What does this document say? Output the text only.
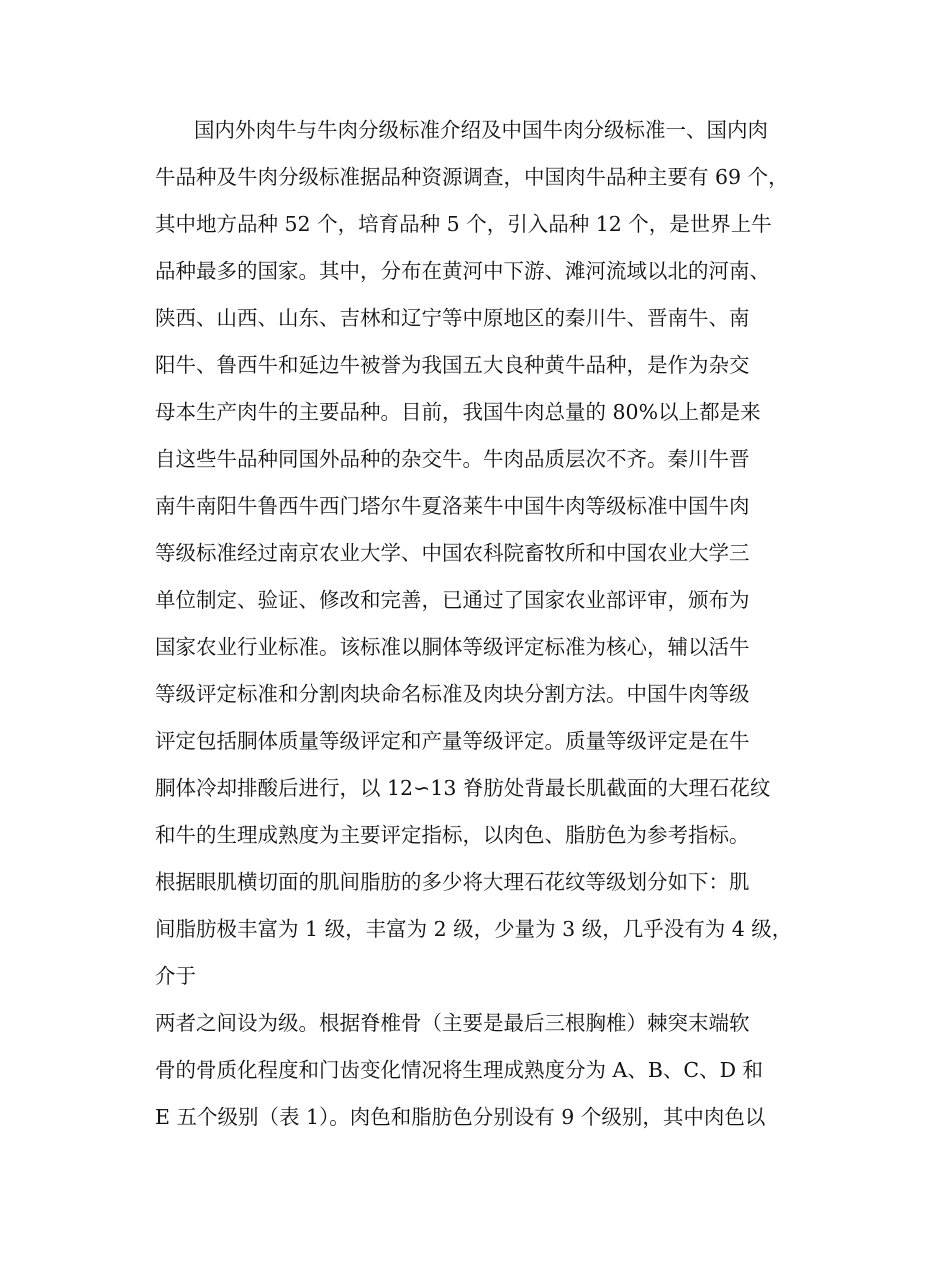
国内外肉牛与牛肉分级标准介绍及中国牛肉分级标准一、国内肉
牛品种及牛肉分级标准据品种资源调查，中国肉牛品种主要有 69 个，
其中地方品种 52 个，培育品种 5 个，引入品种 12 个，是世界上牛
品种最多的国家。其中，分布在黄河中下游、滩河流域以北的河南、
陕西、山西、山东、吉林和辽宁等中原地区的秦川牛、晋南牛、南
阳牛、鲁西牛和延边牛被誉为我国五大良种黄牛品种，是作为杂交
母本生产肉牛的主要品种。目前，我国牛肉总量的 80%以上都是来
自这些牛品种同国外品种的杂交牛。牛肉品质层次不齐。秦川牛晋
南牛南阳牛鲁西牛西门塔尔牛夏洛莱牛中国牛肉等级标准中国牛肉
等级标准经过南京农业大学、中国农科院畜牧所和中国农业大学三
单位制定、验证、修改和完善，已通过了国家农业部评审，颁布为
国家农业行业标准。该标准以胴体等级评定标准为核心，辅以活牛
等级评定标准和分割肉块命名标准及肉块分割方法。中国牛肉等级
评定包括胴体质量等级评定和产量等级评定。质量等级评定是在牛
胴体冷却排酸后进行，以 12∽13 脊肪处背最长肌截面的大理石花纹
和牛的生理成熟度为主要评定指标，以肉色、脂肪色为参考指标。
根据眼肌横切面的肌间脂肪的多少将大理石花纹等级划分如下：肌
间脂肪极丰富为 1 级，丰富为 2 级，少量为 3 级，几乎没有为 4 级，
介于
两者之间设为级。根据脊椎骨（主要是最后三根胸椎）棘突末端软
骨的骨质化程度和门齿变化情况将生理成熟度分为 A、B、C、D 和
E 五个级别（表 1）。肉色和脂肪色分别设有 9 个级别，其中肉色以
